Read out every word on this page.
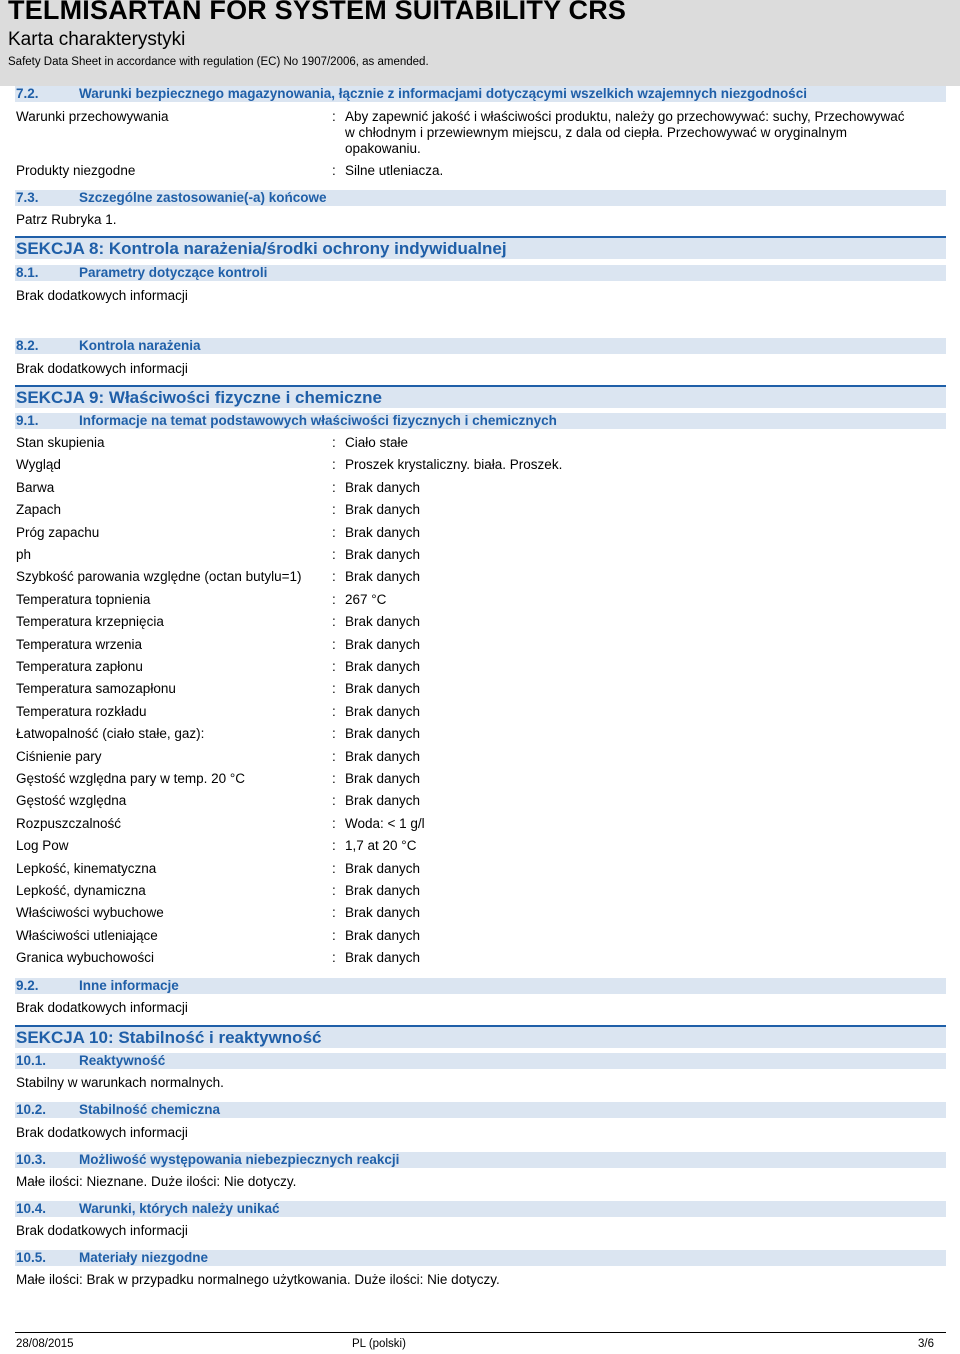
TELMISARTAN FOR SYSTEM SUITABILITY CRS
Karta charakterystyki
Safety Data Sheet in accordance with regulation (EC) No 1907/2006, as amended.
7.2.	Warunki bezpiecznego magazynowania, łącznie z informacjami dotyczącymi wszelkich wzajemnych niezgodności
Warunki przechowywania	: Aby zapewnić jakość i właściwości produktu, należy go przechowywać: suchy, Przechowywać
w chłodnym i przewiewnym miejscu, z dala od ciepła. Przechowywać w oryginalnym
opakowaniu.
Produkty niezgodne	: Silne utleniacza.
7.3.	Szczególne zastosowanie(-a) końcowe
Patrz Rubryka 1.
SEKCJA 8: Kontrola narażenia/środki ochrony indywidualnej
8.1.	Parametry dotyczące kontroli
Brak dodatkowych informacji
8.2.	Kontrola narażenia
Brak dodatkowych informacji
SEKCJA 9: Właściwości fizyczne i chemiczne
9.1.	Informacje na temat podstawowych właściwości fizycznych i chemicznych
Stan skupienia	: Ciało stałe
Wygląd	: Proszek krystaliczny. biała. Proszek.
Barwa	: Brak danych
Zapach	: Brak danych
Próg zapachu	: Brak danych
ph	: Brak danych
Szybkość parowania względne (octan butylu=1) : Brak danych
Temperatura topnienia	: 267 °C
Temperatura krzepnięcia	: Brak danych
Temperatura wrzenia	: Brak danych
Temperatura zapłonu	: Brak danych
Temperatura samozapłonu	: Brak danych
Temperatura rozkładu	: Brak danych
Łatwopalność (ciało stałe, gaz):	: Brak danych
Ciśnienie pary	: Brak danych
Gęstość względna pary w temp. 20 °C	: Brak danych
Gęstość względna	: Brak danych
Rozpuszczalność	: Woda: < 1 g/l
Log Pow	: 1,7 at 20 °C
Lepkość, kinematyczna	: Brak danych
Lepkość, dynamiczna	: Brak danych
Właściwości wybuchowe	: Brak danych
Właściwości utleniające	: Brak danych
Granica wybuchowości	: Brak danych
9.2.	Inne informacje
Brak dodatkowych informacji
SEKCJA 10: Stabilność i reaktywność
10.1. Reaktywność
Stabilny w warunkach normalnych.
10.2. Stabilność chemiczna
Brak dodatkowych informacji
10.3. Możliwość występowania niebezpiecznych reakcji
Małe ilości: Nieznane. Duże ilości: Nie dotyczy.
10.4. Warunki, których należy unikać
Brak dodatkowych informacji
10.5. Materiały niezgodne
Małe ilości: Brak w przypadku normalnego użytkowania. Duże ilości: Nie dotyczy.
28/08/2015	PL (polski)	3/6
